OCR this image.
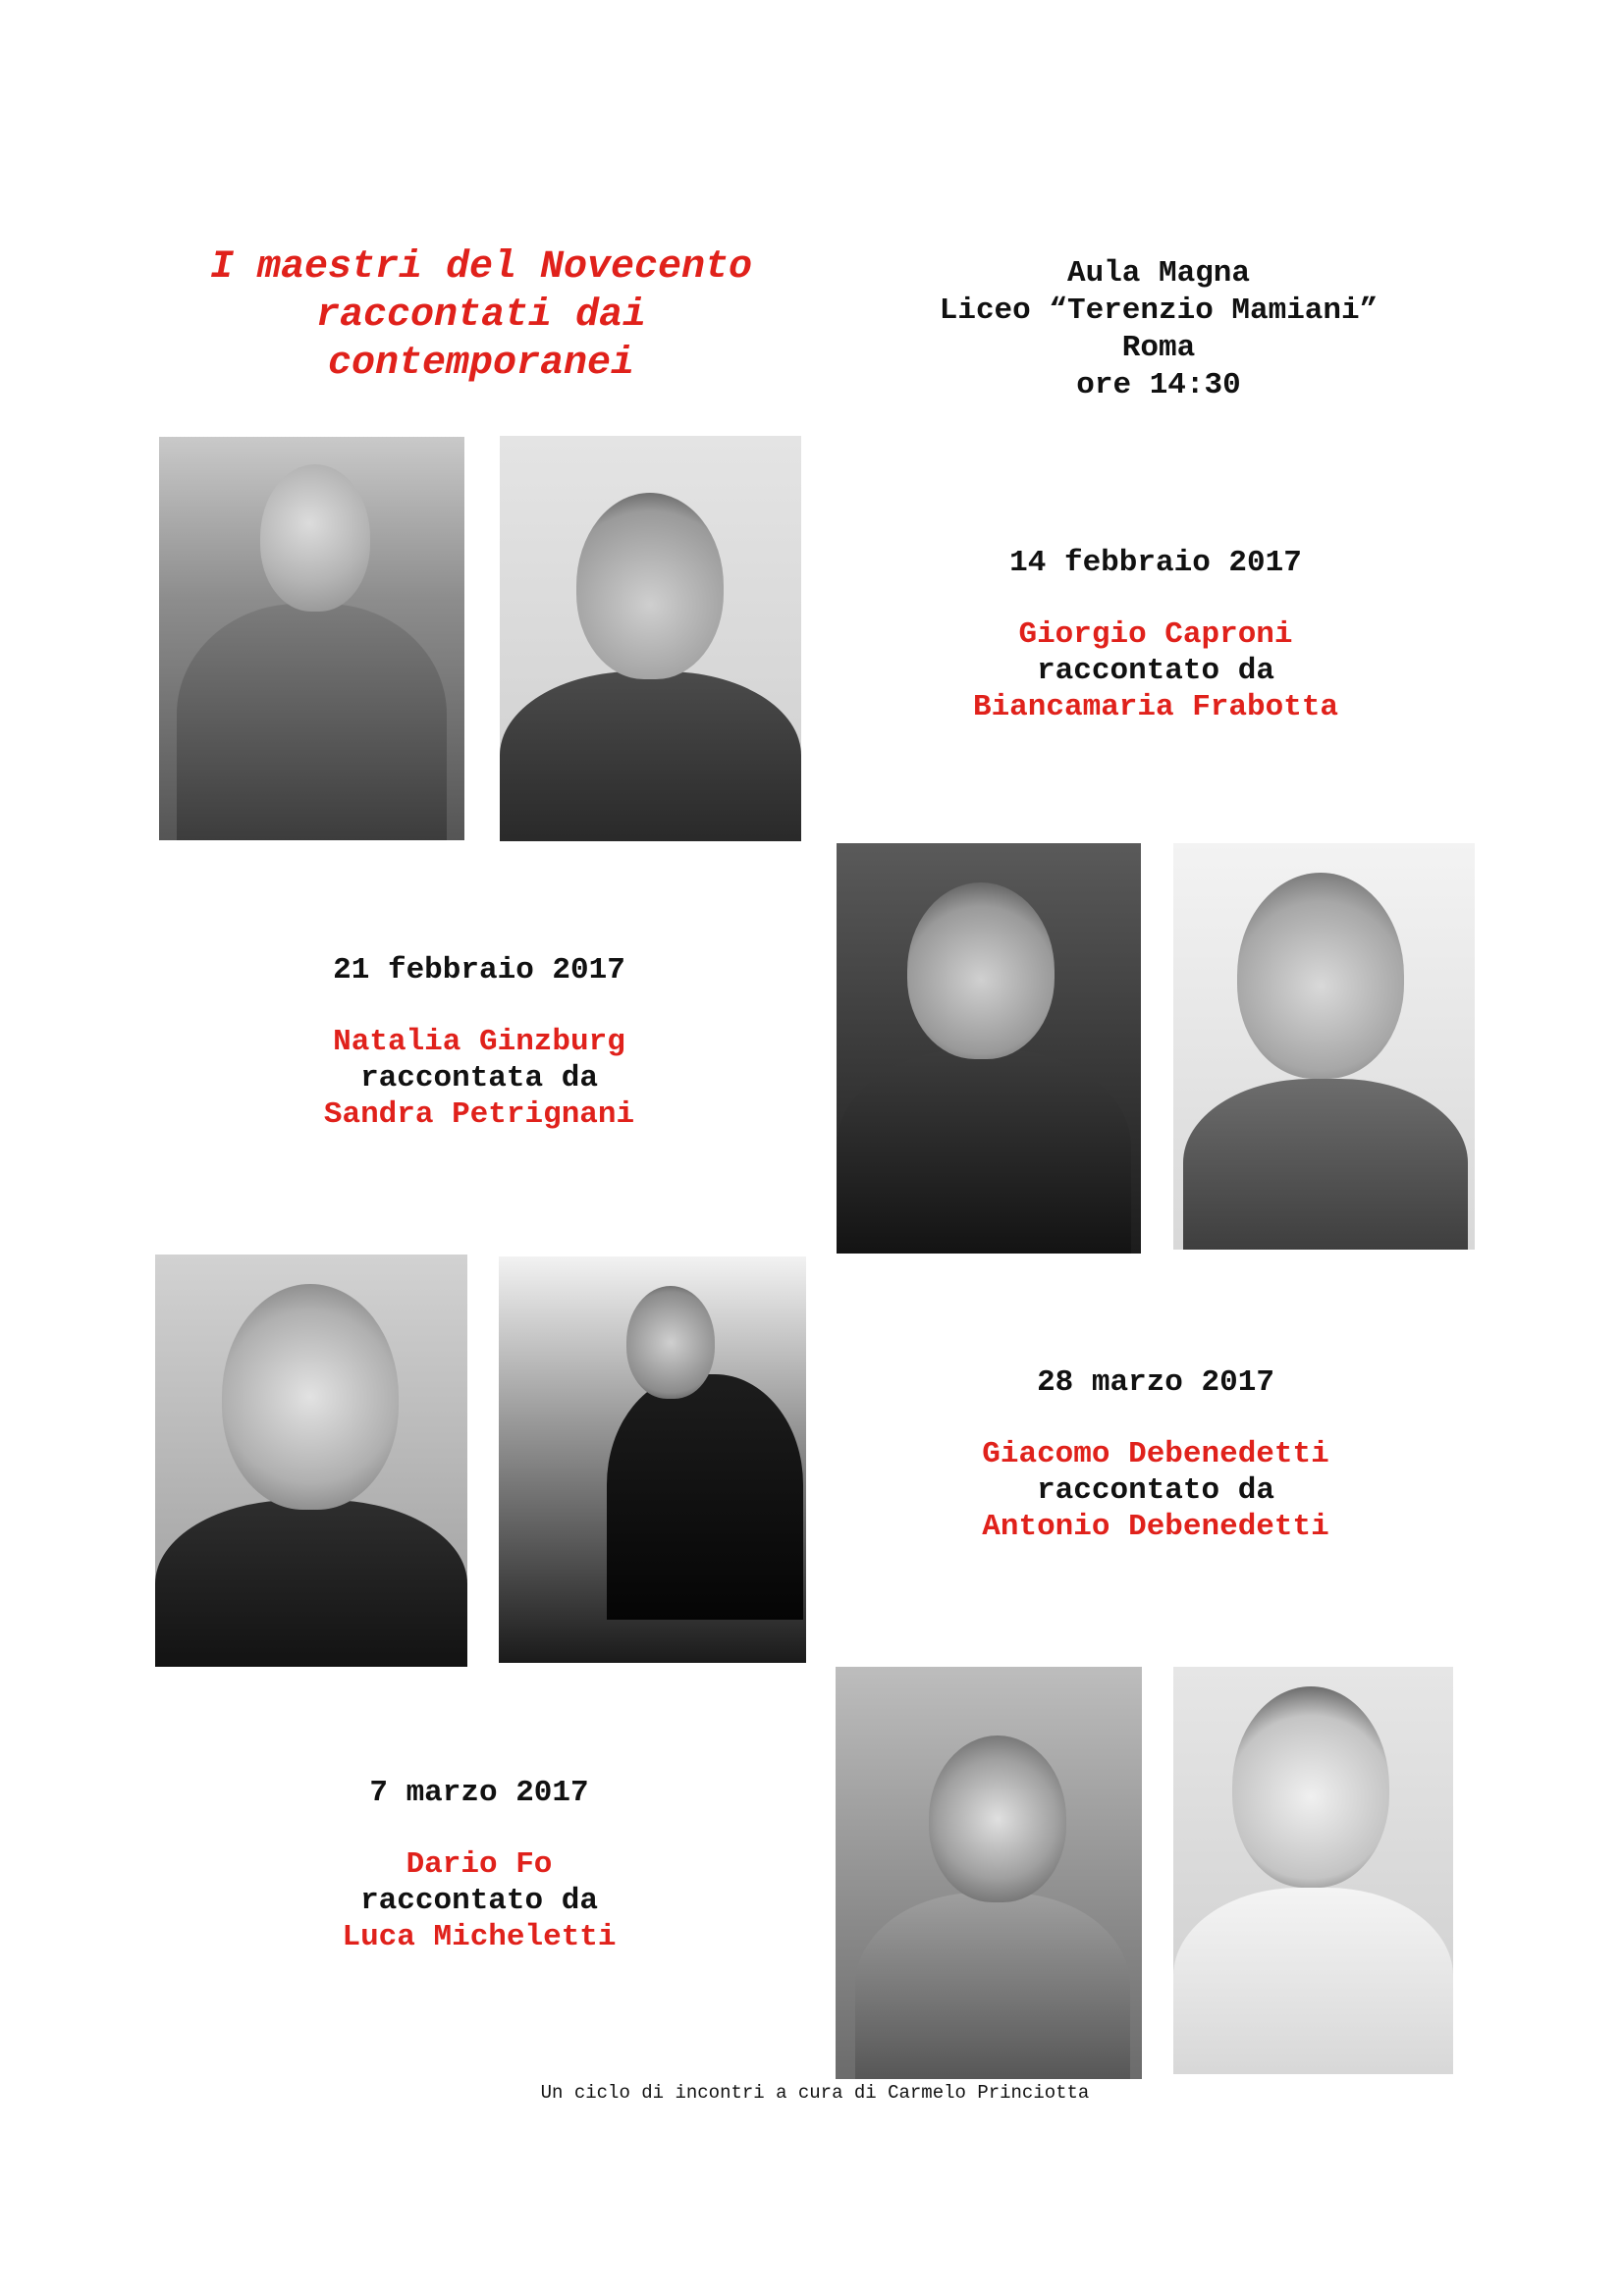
I maestri del Novecento
raccontati dai
contemporanei
Aula Magna
Liceo “Terenzio Mamiani”
Roma
ore 14:30
14 febbraio 2017
Giorgio Caproni
raccontato da
Biancamaria Frabotta
21 febbraio 2017
Natalia Ginzburg
raccontata da
Sandra Petrignani
28 marzo 2017
Giacomo Debenedetti
raccontato da
Antonio Debenedetti
7 marzo 2017
Dario Fo
raccontato da
Luca Micheletti
Un ciclo di incontri a cura di Carmelo Princiotta
